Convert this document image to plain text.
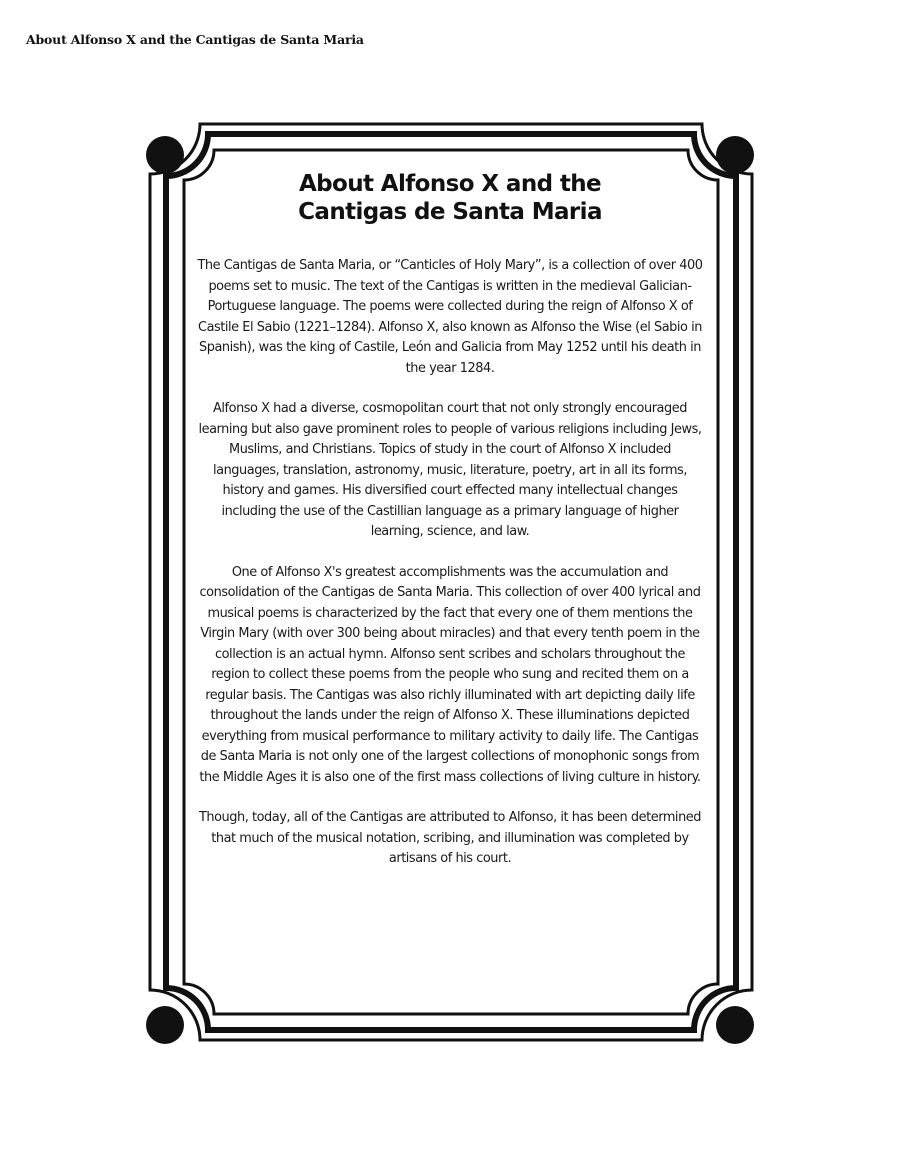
About Alfonso X and the Cantigas de Santa Maria
About Alfonso X and the
Cantigas de Santa Maria

The Cantigas de Santa Maria, or “Canticles of Holy Mary”, is a collection of over 400 poems set to music. The text of the Cantigas is written in the medieval Galician-Portuguese language. The poems were collected during the reign of Alfonso X of Castile El Sabio (1221–1284). Alfonso X, also known as Alfonso the Wise (el Sabio in Spanish), was the king of Castile, León and Galicia from May 1252 until his death in the year 1284.

Alfonso X had a diverse, cosmopolitan court that not only strongly encouraged learning but also gave prominent roles to people of various religions including Jews, Muslims, and Christians. Topics of study in the court of Alfonso X included languages, translation, astronomy, music, literature, poetry, art in all its forms, history and games. His diversified court effected many intellectual changes including the use of the Castillian language as a primary language of higher learning, science, and law.

One of Alfonso X's greatest accomplishments was the accumulation and consolidation of the Cantigas de Santa Maria. This collection of over 400 lyrical and musical poems is characterized by the fact that every one of them mentions the Virgin Mary (with over 300 being about miracles) and that every tenth poem in the collection is an actual hymn. Alfonso sent scribes and scholars throughout the region to collect these poems from the people who sung and recited them on a regular basis. The Cantigas was also richly illuminated with art depicting daily life throughout the lands under the reign of Alfonso X. These illuminations depicted everything from musical performance to military activity to daily life. The Cantigas de Santa Maria is not only one of the largest collections of monophonic songs from the Middle Ages it is also one of the first mass collections of living culture in history.

Though, today, all of the Cantigas are attributed to Alfonso, it has been determined that much of the musical notation, scribing, and illumination was completed by artisans of his court.
